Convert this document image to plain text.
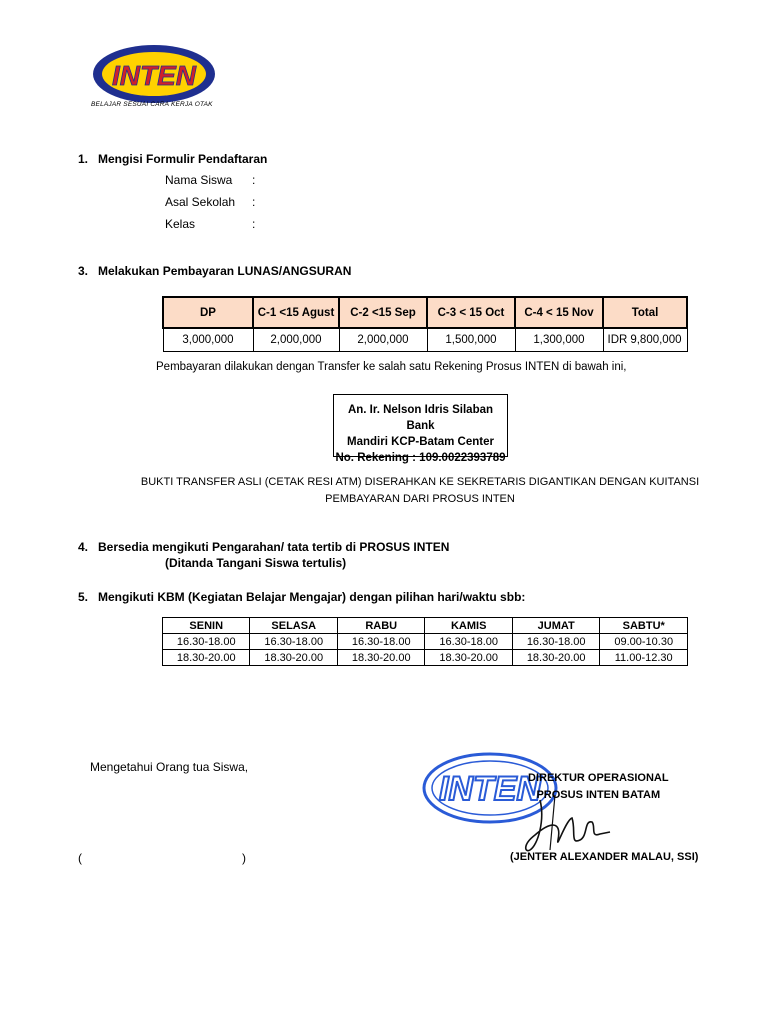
INTEN
BELAJAR SESUAI CARA KERJA OTAK
1. Mengisi Formulir Pendaftaran
Nama Siswa :
Asal Sekolah :
Kelas	:
3. Melakukan Pembayaran LUNAS/ANGSURAN
DP	C-1 <15 Agust	C-2 <15 Sep	C-3 < 15 Oct	C-4 < 15 Nov	Total
3,000,000	2,000,000	2,000,000	1,500,000	1,300,000	IDR 9,800,000
Pembayaran dilakukan dengan Transfer ke salah satu Rekening Prosus INTEN di bawah ini,
An. Ir. Nelson Idris Silaban Bank
Mandiri KCP-Batam Center
No. Rekening : 109.0022393789
BUKTI TRANSFER ASLI (CETAK RESI ATM) DISERAHKAN KE SEKRETARIS DIGANTIKAN DENGAN KUITANSI
PEMBAYARAN DARI PROSUS INTEN
4. Bersedia mengikuti Pengarahan/ tata tertib di PROSUS INTEN
(Ditanda Tangani Siswa tertulis)
5. Mengikuti KBM (Kegiatan Belajar Mengajar) dengan pilihan hari/waktu sbb:
SENIN	SELASA	RABU	KAMIS	JUMAT	SABTU*
16.30-18.00	16.30-18.00	16.30-18.00	16.30-18.00	16.30-18.00	09.00-10.30
18.30-20.00	18.30-20.00	18.30-20.00	18.30-20.00	18.30-20.00	11.00-12.30
Mengetahui Orang tua Siswa,
(	)
INTEN
DIREKTUR OPERASIONAL
PROSUS INTEN BATAM
(JENTER ALEXANDER MALAU, SSI)
